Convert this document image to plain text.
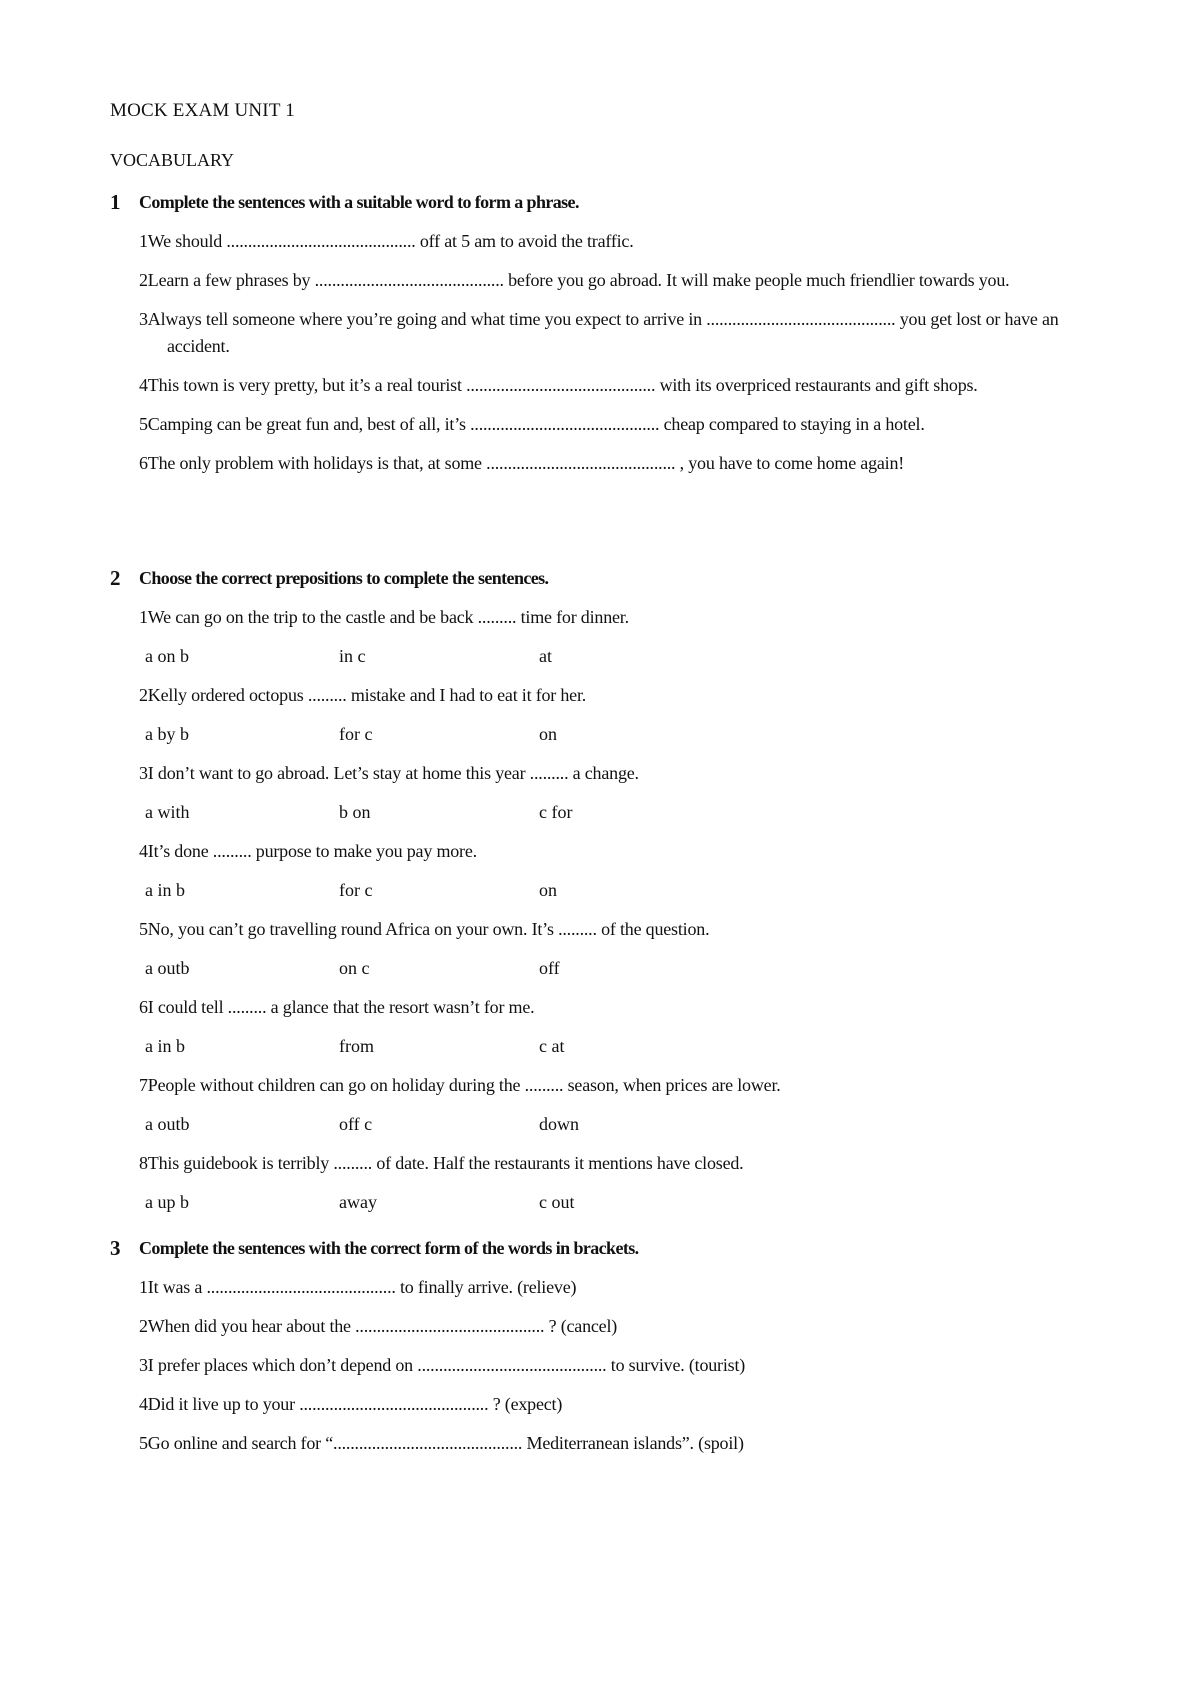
MOCK EXAM UNIT 1
VOCABULARY
1 Complete the sentences with a suitable word to form a phrase.
1We should ............................................ off at 5 am to avoid the traffic.
2Learn a few phrases by ............................................ before you go abroad. It will make people much friendlier towards you.
3Always tell someone where you’re going and what time you expect to arrive in ............................................ you get lost or have an accident.
4This town is very pretty, but it’s a real tourist ............................................ with its overpriced restaurants and gift shops.
5Camping can be great fun and, best of all, it’s ............................................ cheap compared to staying in a hotel.
6The only problem with holidays is that, at some ............................................ , you have to come home again!
2 Choose the correct prepositions to complete the sentences.
1We can go on the trip to the castle and be back ......... time for dinner.
a on b	in c	at
2Kelly ordered octopus ......... mistake and I had to eat it for her.
a by b	for c	on
3I don’t want to go abroad. Let’s stay at home this year ......... a change.
a with	b on	c for
4It’s done ......... purpose to make you pay more.
a in b	for c	on
5No, you can’t go travelling round Africa on your own. It’s ......... of the question.
a outb	on c	off
6I could tell ......... a glance that the resort wasn’t for me.
a in b	from	c at
7People without children can go on holiday during the ......... season, when prices are lower.
a outb	off c	down
8This guidebook is terribly ......... of date. Half the restaurants it mentions have closed.
a up b	away	c out
3 Complete the sentences with the correct form of the words in brackets.
1It was a ............................................ to finally arrive. (relieve)
2When did you hear about the ............................................ ? (cancel)
3I prefer places which don’t depend on ............................................ to survive. (tourist)
4Did it live up to your ............................................ ? (expect)
5Go online and search for “............................................ Mediterranean islands”. (spoil)
